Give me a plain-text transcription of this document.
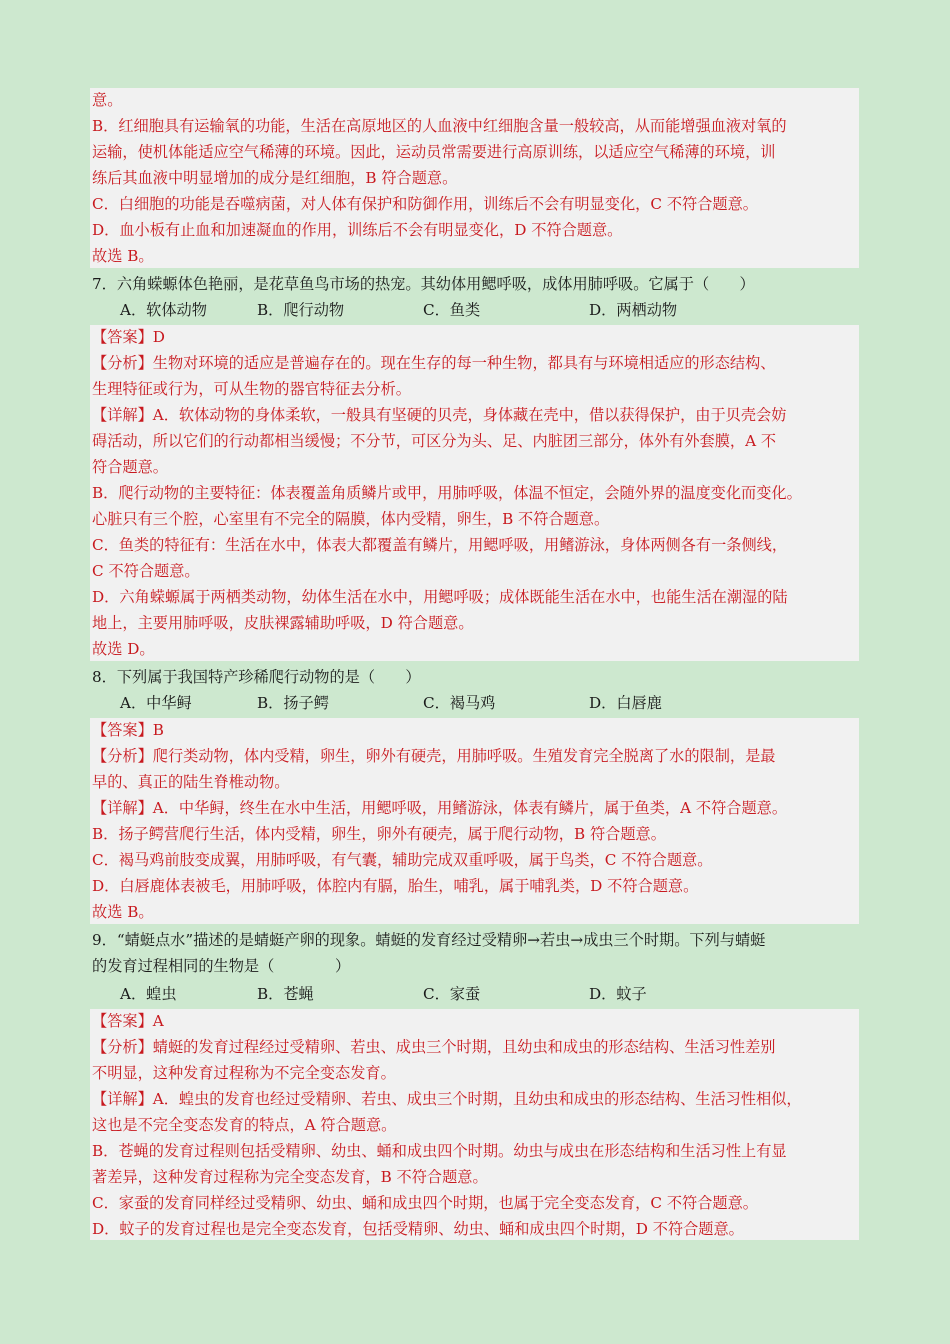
意。
B．红细胞具有运输氧的功能，生活在高原地区的人血液中红细胞含量一般较高，从而能增强血液对氧的
运输，使机体能适应空气稀薄的环境。因此，运动员常需要进行高原训练，以适应空气稀薄的环境，训
练后其血液中明显增加的成分是红细胞，B 符合题意。
C．白细胞的功能是吞噬病菌，对人体有保护和防御作用，训练后不会有明显变化，C 不符合题意。
D．血小板有止血和加速凝血的作用，训练后不会有明显变化，D 不符合题意。
故选 B。
7．六角蝾螈体色艳丽，是花草鱼鸟市场的热宠。其幼体用鳃呼吸，成体用肺呼吸。它属于（　　）
A．软体动物	B．爬行动物	C．鱼类	D．两栖动物
【答案】D
【分析】生物对环境的适应是普遍存在的。现在生存的每一种生物，都具有与环境相适应的形态结构、
生理特征或行为，可从生物的器官特征去分析。
【详解】A．软体动物的身体柔软，一般具有坚硬的贝壳，身体藏在壳中，借以获得保护，由于贝壳会妨
碍活动，所以它们的行动都相当缓慢；不分节，可区分为头、足、内脏团三部分，体外有外套膜，A 不
符合题意。
B．爬行动物的主要特征：体表覆盖角质鳞片或甲，用肺呼吸，体温不恒定，会随外界的温度变化而变化。
心脏只有三个腔，心室里有不完全的隔膜，体内受精，卵生，B 不符合题意。
C．鱼类的特征有：生活在水中，体表大都覆盖有鳞片，用鳃呼吸，用鳍游泳，身体两侧各有一条侧线，
C 不符合题意。
D．六角蝾螈属于两栖类动物，幼体生活在水中，用鳃呼吸；成体既能生活在水中，也能生活在潮湿的陆
地上，主要用肺呼吸，皮肤裸露辅助呼吸，D 符合题意。
故选 D。
8．下列属于我国特产珍稀爬行动物的是（　　）
A．中华鲟	B．扬子鳄	C．褐马鸡	D．白唇鹿
【答案】B
【分析】爬行类动物，体内受精，卵生，卵外有硬壳，用肺呼吸。生殖发育完全脱离了水的限制，是最
早的、真正的陆生脊椎动物。
【详解】A．中华鲟，终生在水中生活，用鳃呼吸，用鳍游泳，体表有鳞片，属于鱼类，A 不符合题意。
B．扬子鳄营爬行生活，体内受精，卵生，卵外有硬壳，属于爬行动物，B 符合题意。
C．褐马鸡前肢变成翼，用肺呼吸，有气囊，辅助完成双重呼吸，属于鸟类，C 不符合题意。
D．白唇鹿体表被毛，用肺呼吸，体腔内有膈，胎生，哺乳，属于哺乳类，D 不符合题意。
故选 B。
9．“蜻蜓点水”描述的是蜻蜓产卵的现象。蜻蜓的发育经过受精卵→若虫→成虫三个时期。下列与蜻蜓
的发育过程相同的生物是（　　　　）
A．蝗虫	B．苍蝇	C．家蚕	D．蚊子
【答案】A
【分析】蜻蜓的发育过程经过受精卵、若虫、成虫三个时期，且幼虫和成虫的形态结构、生活习性差别
不明显，这种发育过程称为不完全变态发育。
【详解】A．蝗虫的发育也经过受精卵、若虫、成虫三个时期，且幼虫和成虫的形态结构、生活习性相似，
这也是不完全变态发育的特点，A 符合题意。
B．苍蝇的发育过程则包括受精卵、幼虫、蛹和成虫四个时期。幼虫与成虫在形态结构和生活习性上有显
著差异，这种发育过程称为完全变态发育，B 不符合题意。
C．家蚕的发育同样经过受精卵、幼虫、蛹和成虫四个时期，也属于完全变态发育，C 不符合题意。
D．蚊子的发育过程也是完全变态发育，包括受精卵、幼虫、蛹和成虫四个时期，D 不符合题意。
